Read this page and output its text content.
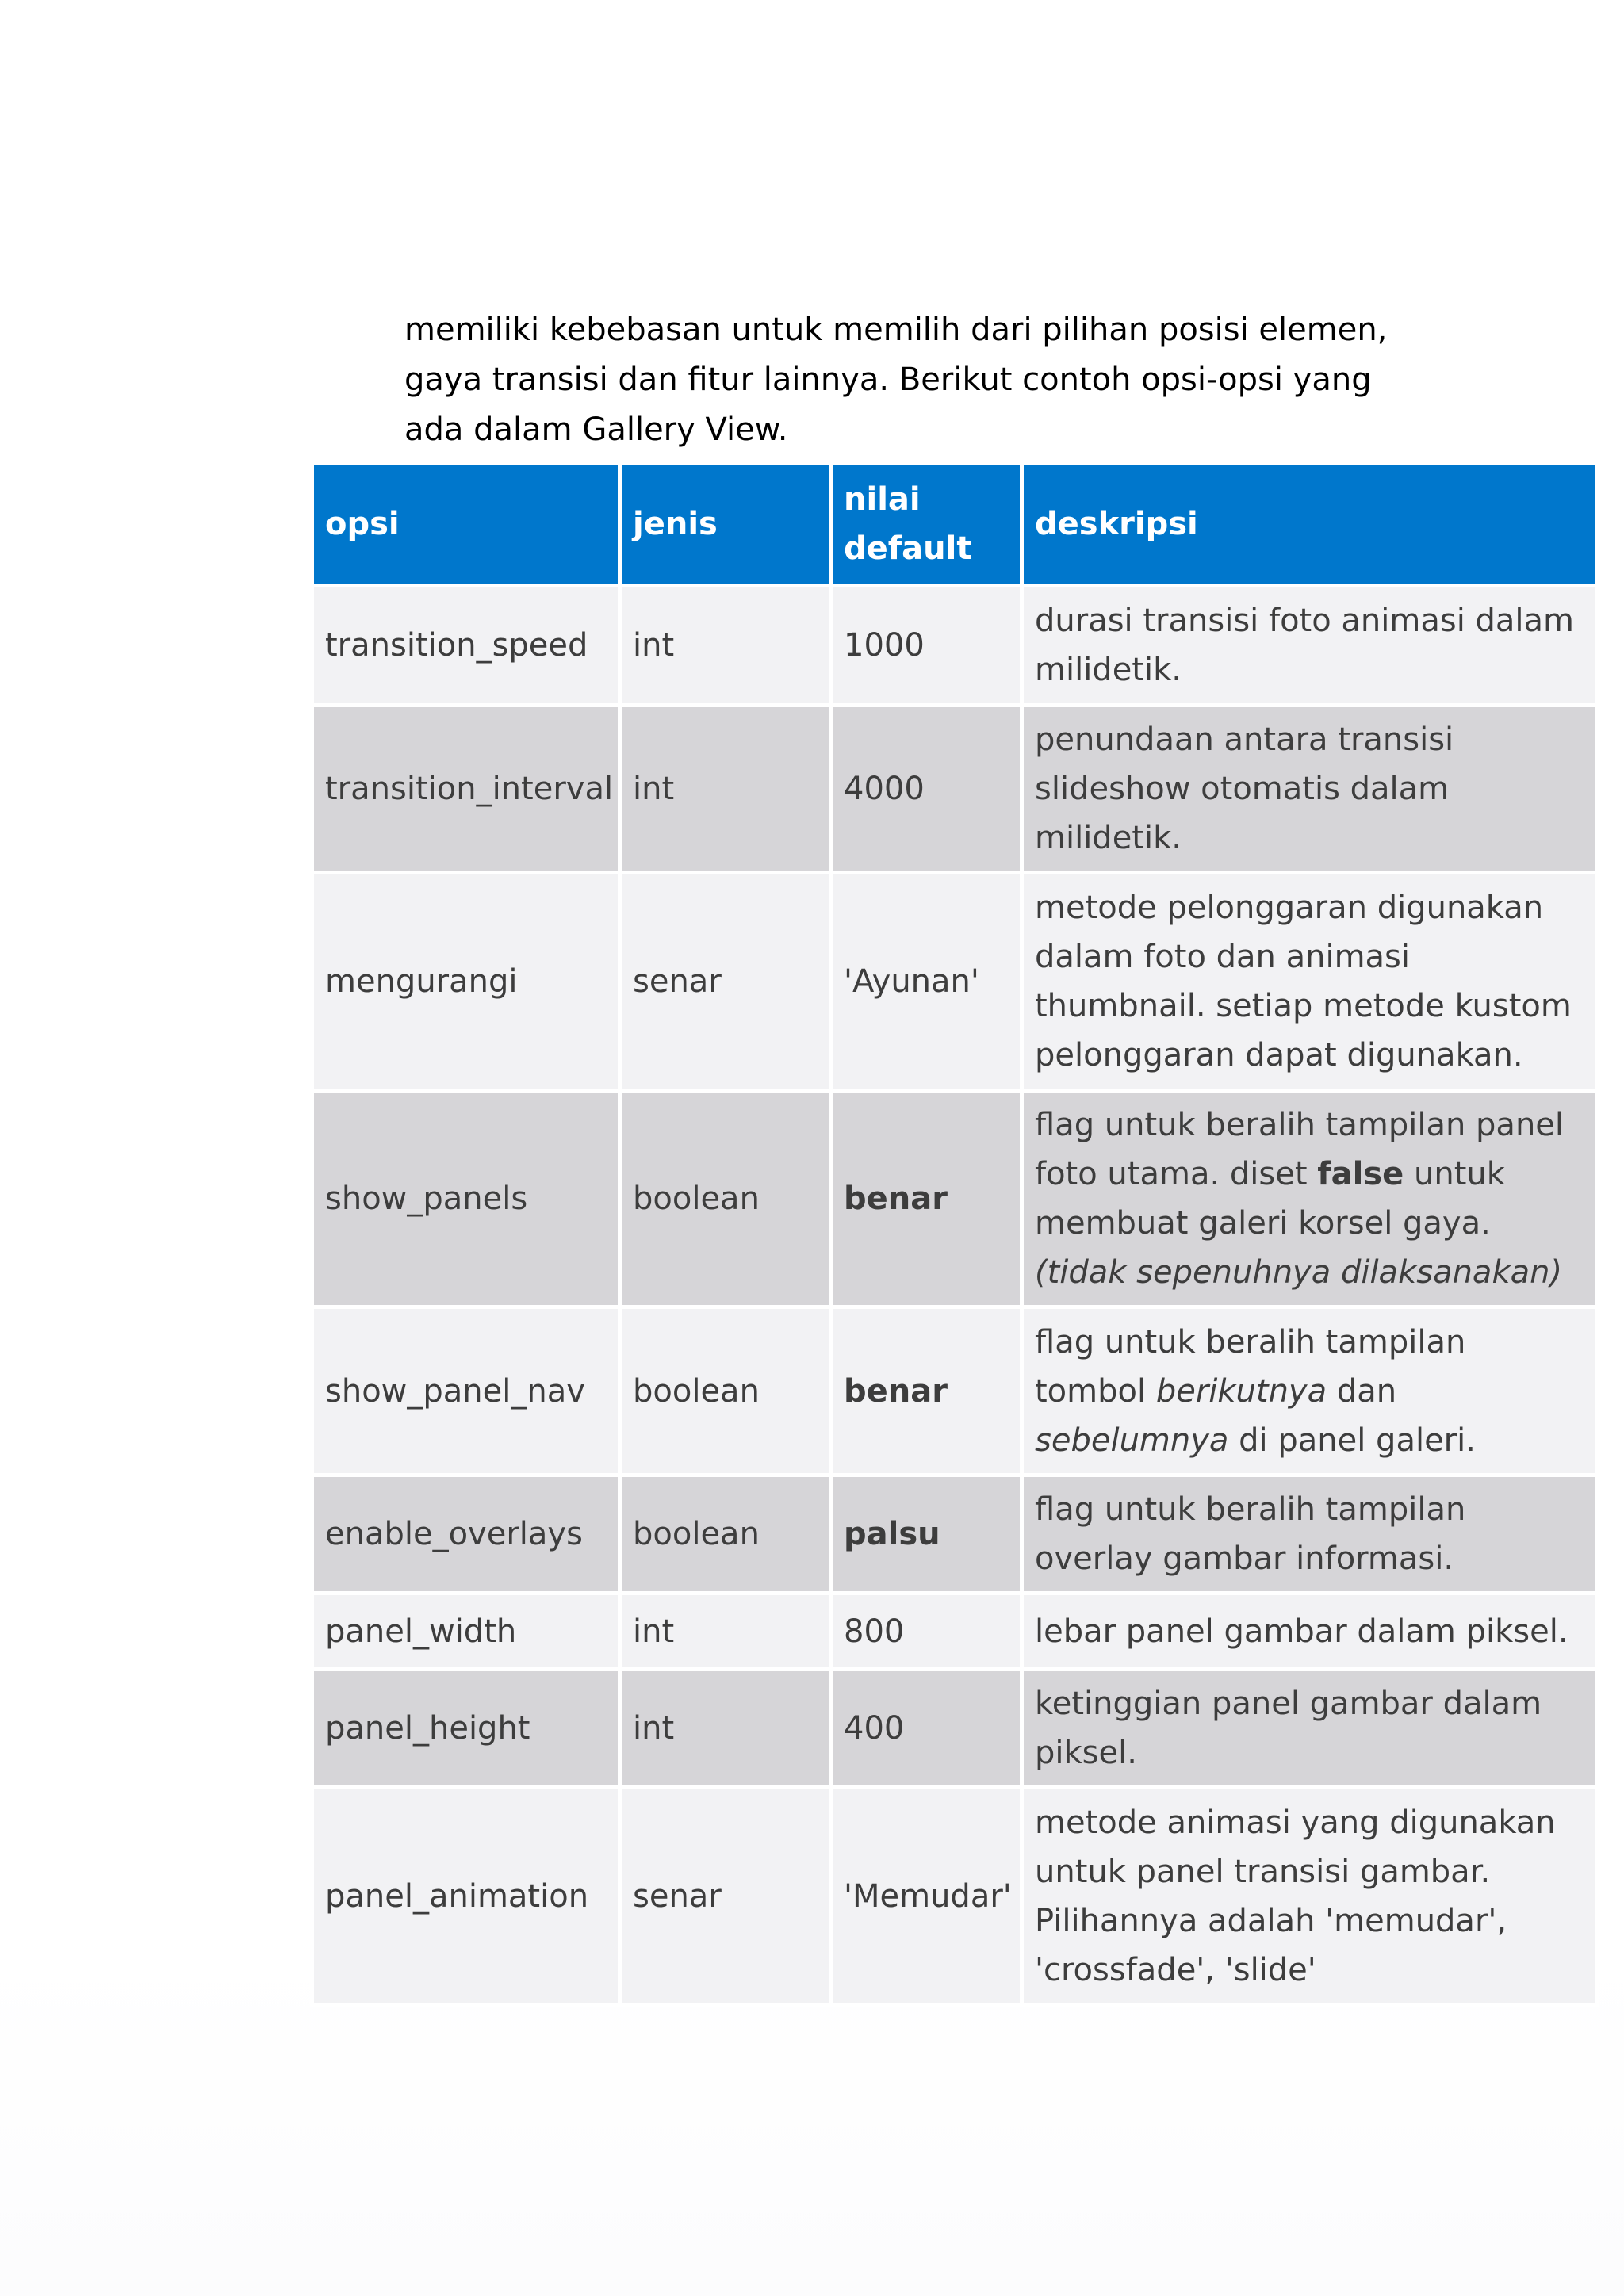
memiliki kebebasan untuk memilih dari pilihan posisi elemen, gaya transisi dan fitur lainnya. Berikut contoh opsi-opsi yang ada dalam Gallery View.

opsi	jenis	nilai default	deskripsi
transition_speed	int	1000	durasi transisi foto animasi dalam milidetik.
transition_interval	int	4000	penundaan antara transisi slideshow otomatis dalam milidetik.
mengurangi	senar	'Ayunan'	metode pelonggaran digunakan dalam foto dan animasi thumbnail. setiap metode kustom pelonggaran dapat digunakan.
show_panels	boolean	benar	flag untuk beralih tampilan panel foto utama. diset false untuk membuat galeri korsel gaya. (tidak sepenuhnya dilaksanakan)
show_panel_nav	boolean	benar	flag untuk beralih tampilan tombol berikutnya dan sebelumnya di panel galeri.
enable_overlays	boolean	palsu	flag untuk beralih tampilan overlay gambar informasi.
panel_width	int	800	lebar panel gambar dalam piksel.
panel_height	int	400	ketinggian panel gambar dalam piksel.
panel_animation	senar	'Memudar'	metode animasi yang digunakan untuk panel transisi gambar. Pilihannya adalah 'memudar', 'crossfade', 'slide'
